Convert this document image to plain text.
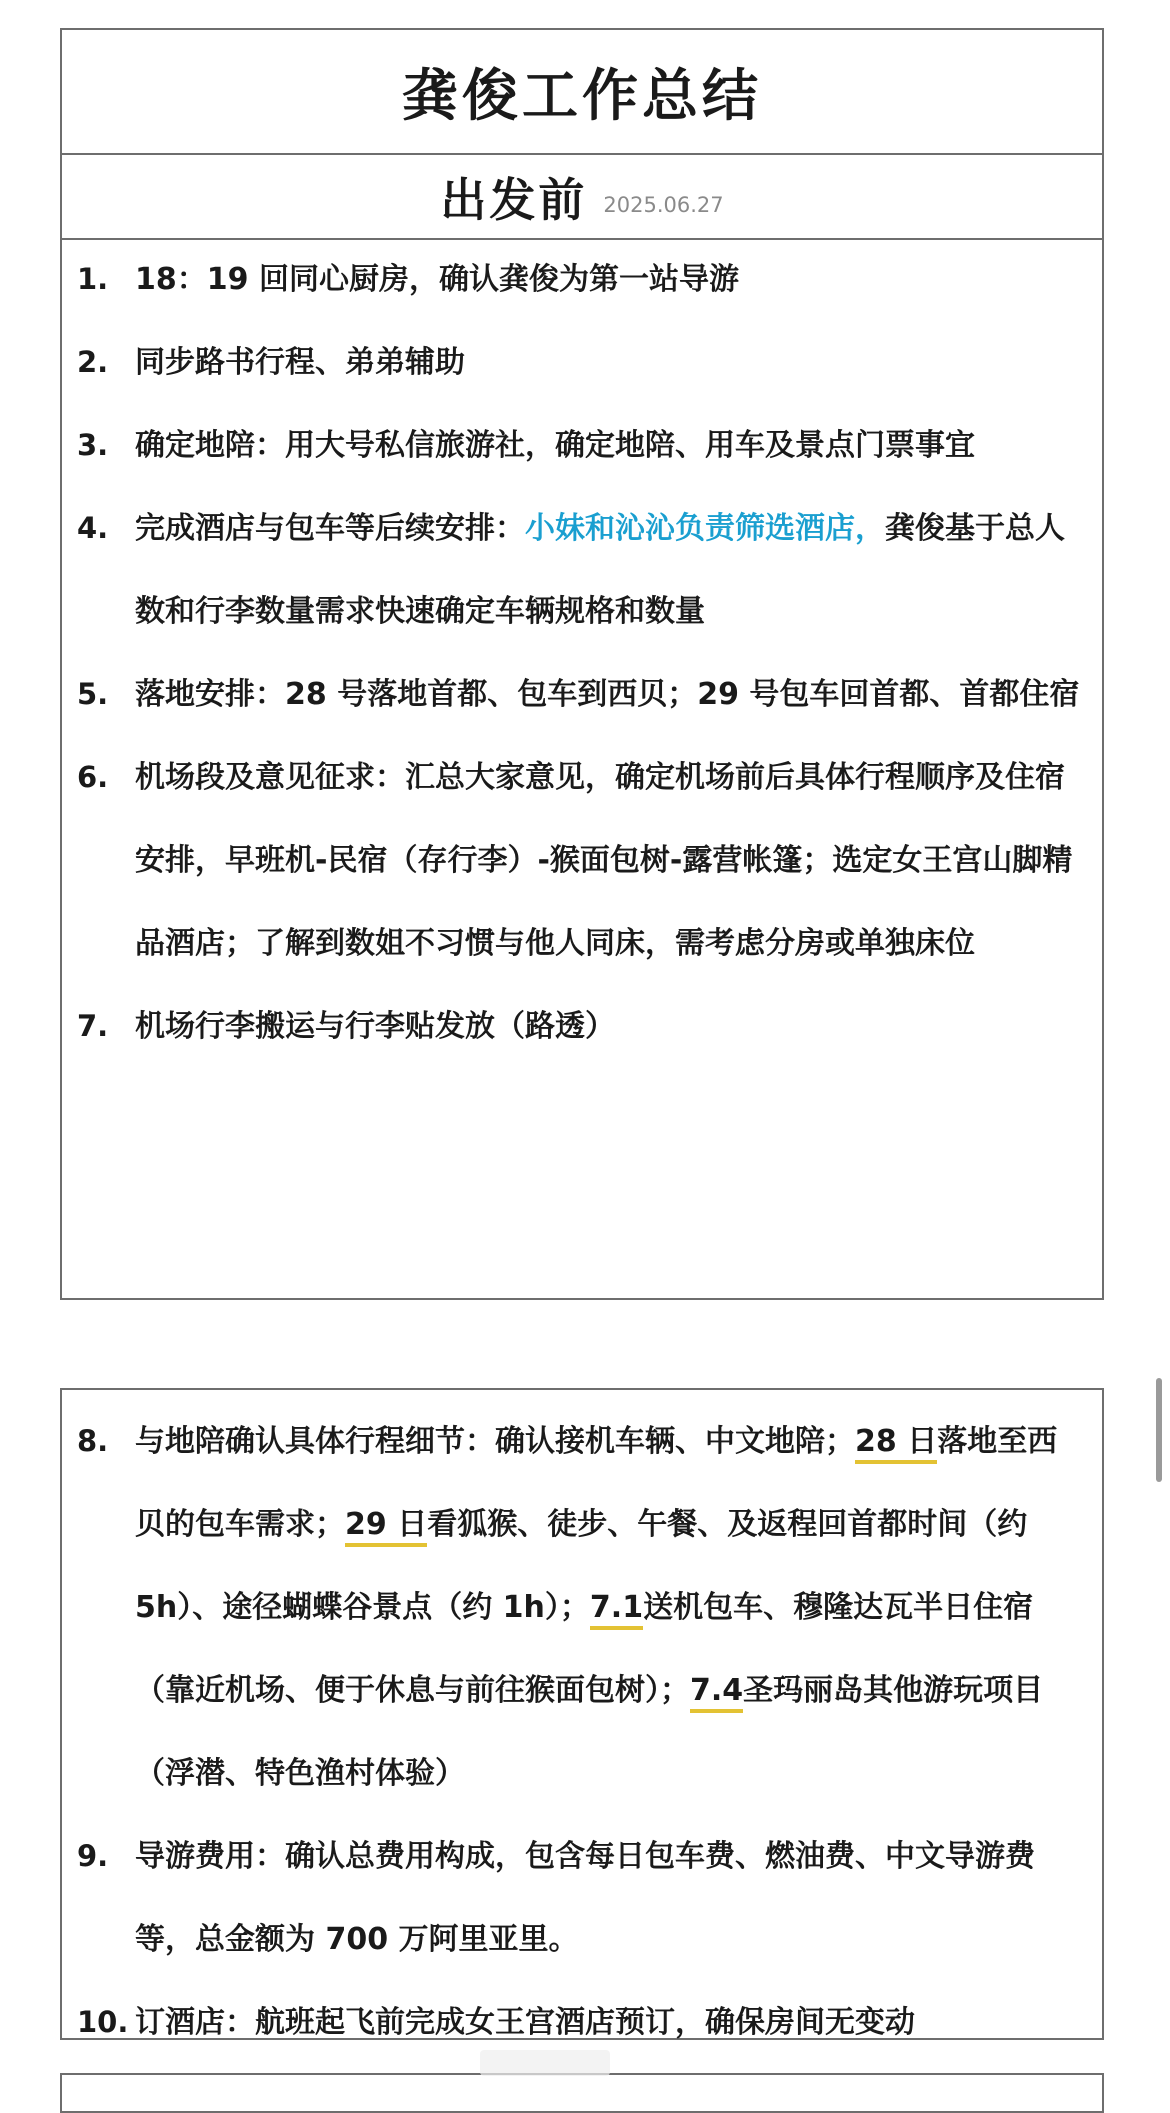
龚俊工作总结
出发前 2025.06.27
1. 18：19 回同心厨房，确认龚俊为第一站导游
2. 同步路书行程、弟弟辅助
3. 确定地陪：用大号私信旅游社，确定地陪、用车及景点门票事宜
4. 完成酒店与包车等后续安排：小妹和沁沁负责筛选酒店，龚俊基于总人数和行李数量需求快速确定车辆规格和数量
5. 落地安排：28 号落地首都、包车到西贝；29 号包车回首都、首都住宿
6. 机场段及意见征求：汇总大家意见，确定机场前后具体行程顺序及住宿安排，早班机-民宿（存行李）-猴面包树-露营帐篷；选定女王宫山脚精品酒店；了解到数姐不习惯与他人同床，需考虑分房或单独床位
7. 机场行李搬运与行李贴发放（路透）
8. 与地陪确认具体行程细节：确认接机车辆、中文地陪；28 日落地至西贝的包车需求；29 日看狐猴、徒步、午餐、及返程回首都时间（约 5h）、途径蝴蝶谷景点（约 1h）；7.1送机包车、穆隆达瓦半日住宿（靠近机场、便于休息与前往猴面包树）；7.4圣玛丽岛其他游玩项目（浮潜、特色渔村体验）
9. 导游费用：确认总费用构成，包含每日包车费、燃油费、中文导游费等，总金额为 700 万阿里亚里。
10. 订酒店：航班起飞前完成女王宫酒店预订，确保房间无变动
